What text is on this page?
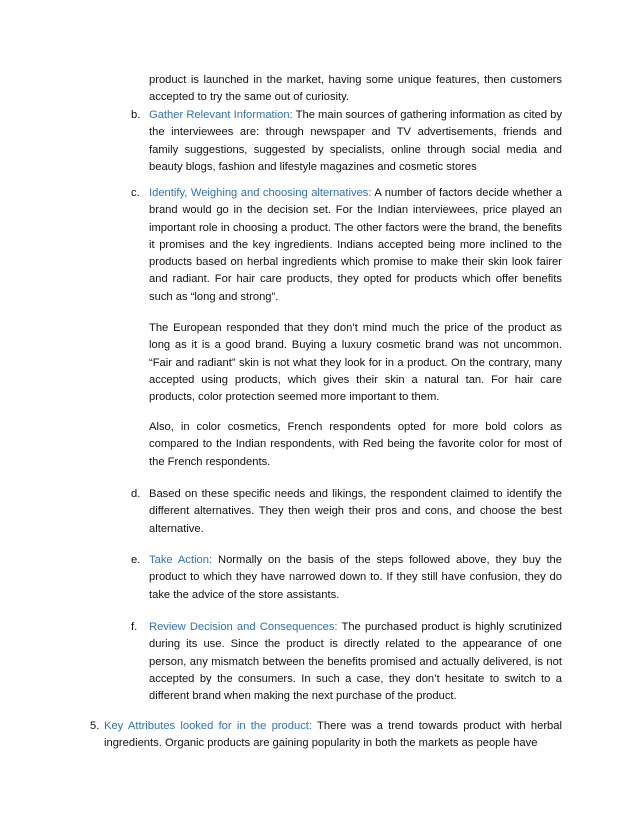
product is launched in the market, having some unique features, then customers accepted to try the same out of curiosity.

b. Gather Relevant Information: The main sources of gathering information as cited by the interviewees are: through newspaper and TV advertisements, friends and family suggestions, suggested by specialists, online through social media and beauty blogs, fashion and lifestyle magazines and cosmetic stores

c. Identify, Weighing and choosing alternatives: A number of factors decide whether a brand would go in the decision set. For the Indian interviewees, price played an important role in choosing a product. The other factors were the brand, the benefits it promises and the key ingredients. Indians accepted being more inclined to the products based on herbal ingredients which promise to make their skin look fairer and radiant. For hair care products, they opted for products which offer benefits such as “long and strong”.

The European responded that they don’t mind much the price of the product as long as it is a good brand. Buying a luxury cosmetic brand was not uncommon. “Fair and radiant” skin is not what they look for in a product. On the contrary, many accepted using products, which gives their skin a natural tan. For hair care products, color protection seemed more important to them.

Also, in color cosmetics, French respondents opted for more bold colors as compared to the Indian respondents, with Red being the favorite color for most of the French respondents.

d. Based on these specific needs and likings, the respondent claimed to identify the different alternatives. They then weigh their pros and cons, and choose the best alternative.

e. Take Action: Normally on the basis of the steps followed above, they buy the product to which they have narrowed down to. If they still have confusion, they do take the advice of the store assistants.

f. Review Decision and Consequences: The purchased product is highly scrutinized during its use. Since the product is directly related to the appearance of one person, any mismatch between the benefits promised and actually delivered, is not accepted by the consumers. In such a case, they don’t hesitate to switch to a different brand when making the next purchase of the product.

5. Key Attributes looked for in the product: There was a trend towards product with herbal ingredients. Organic products are gaining popularity in both the markets as people have
